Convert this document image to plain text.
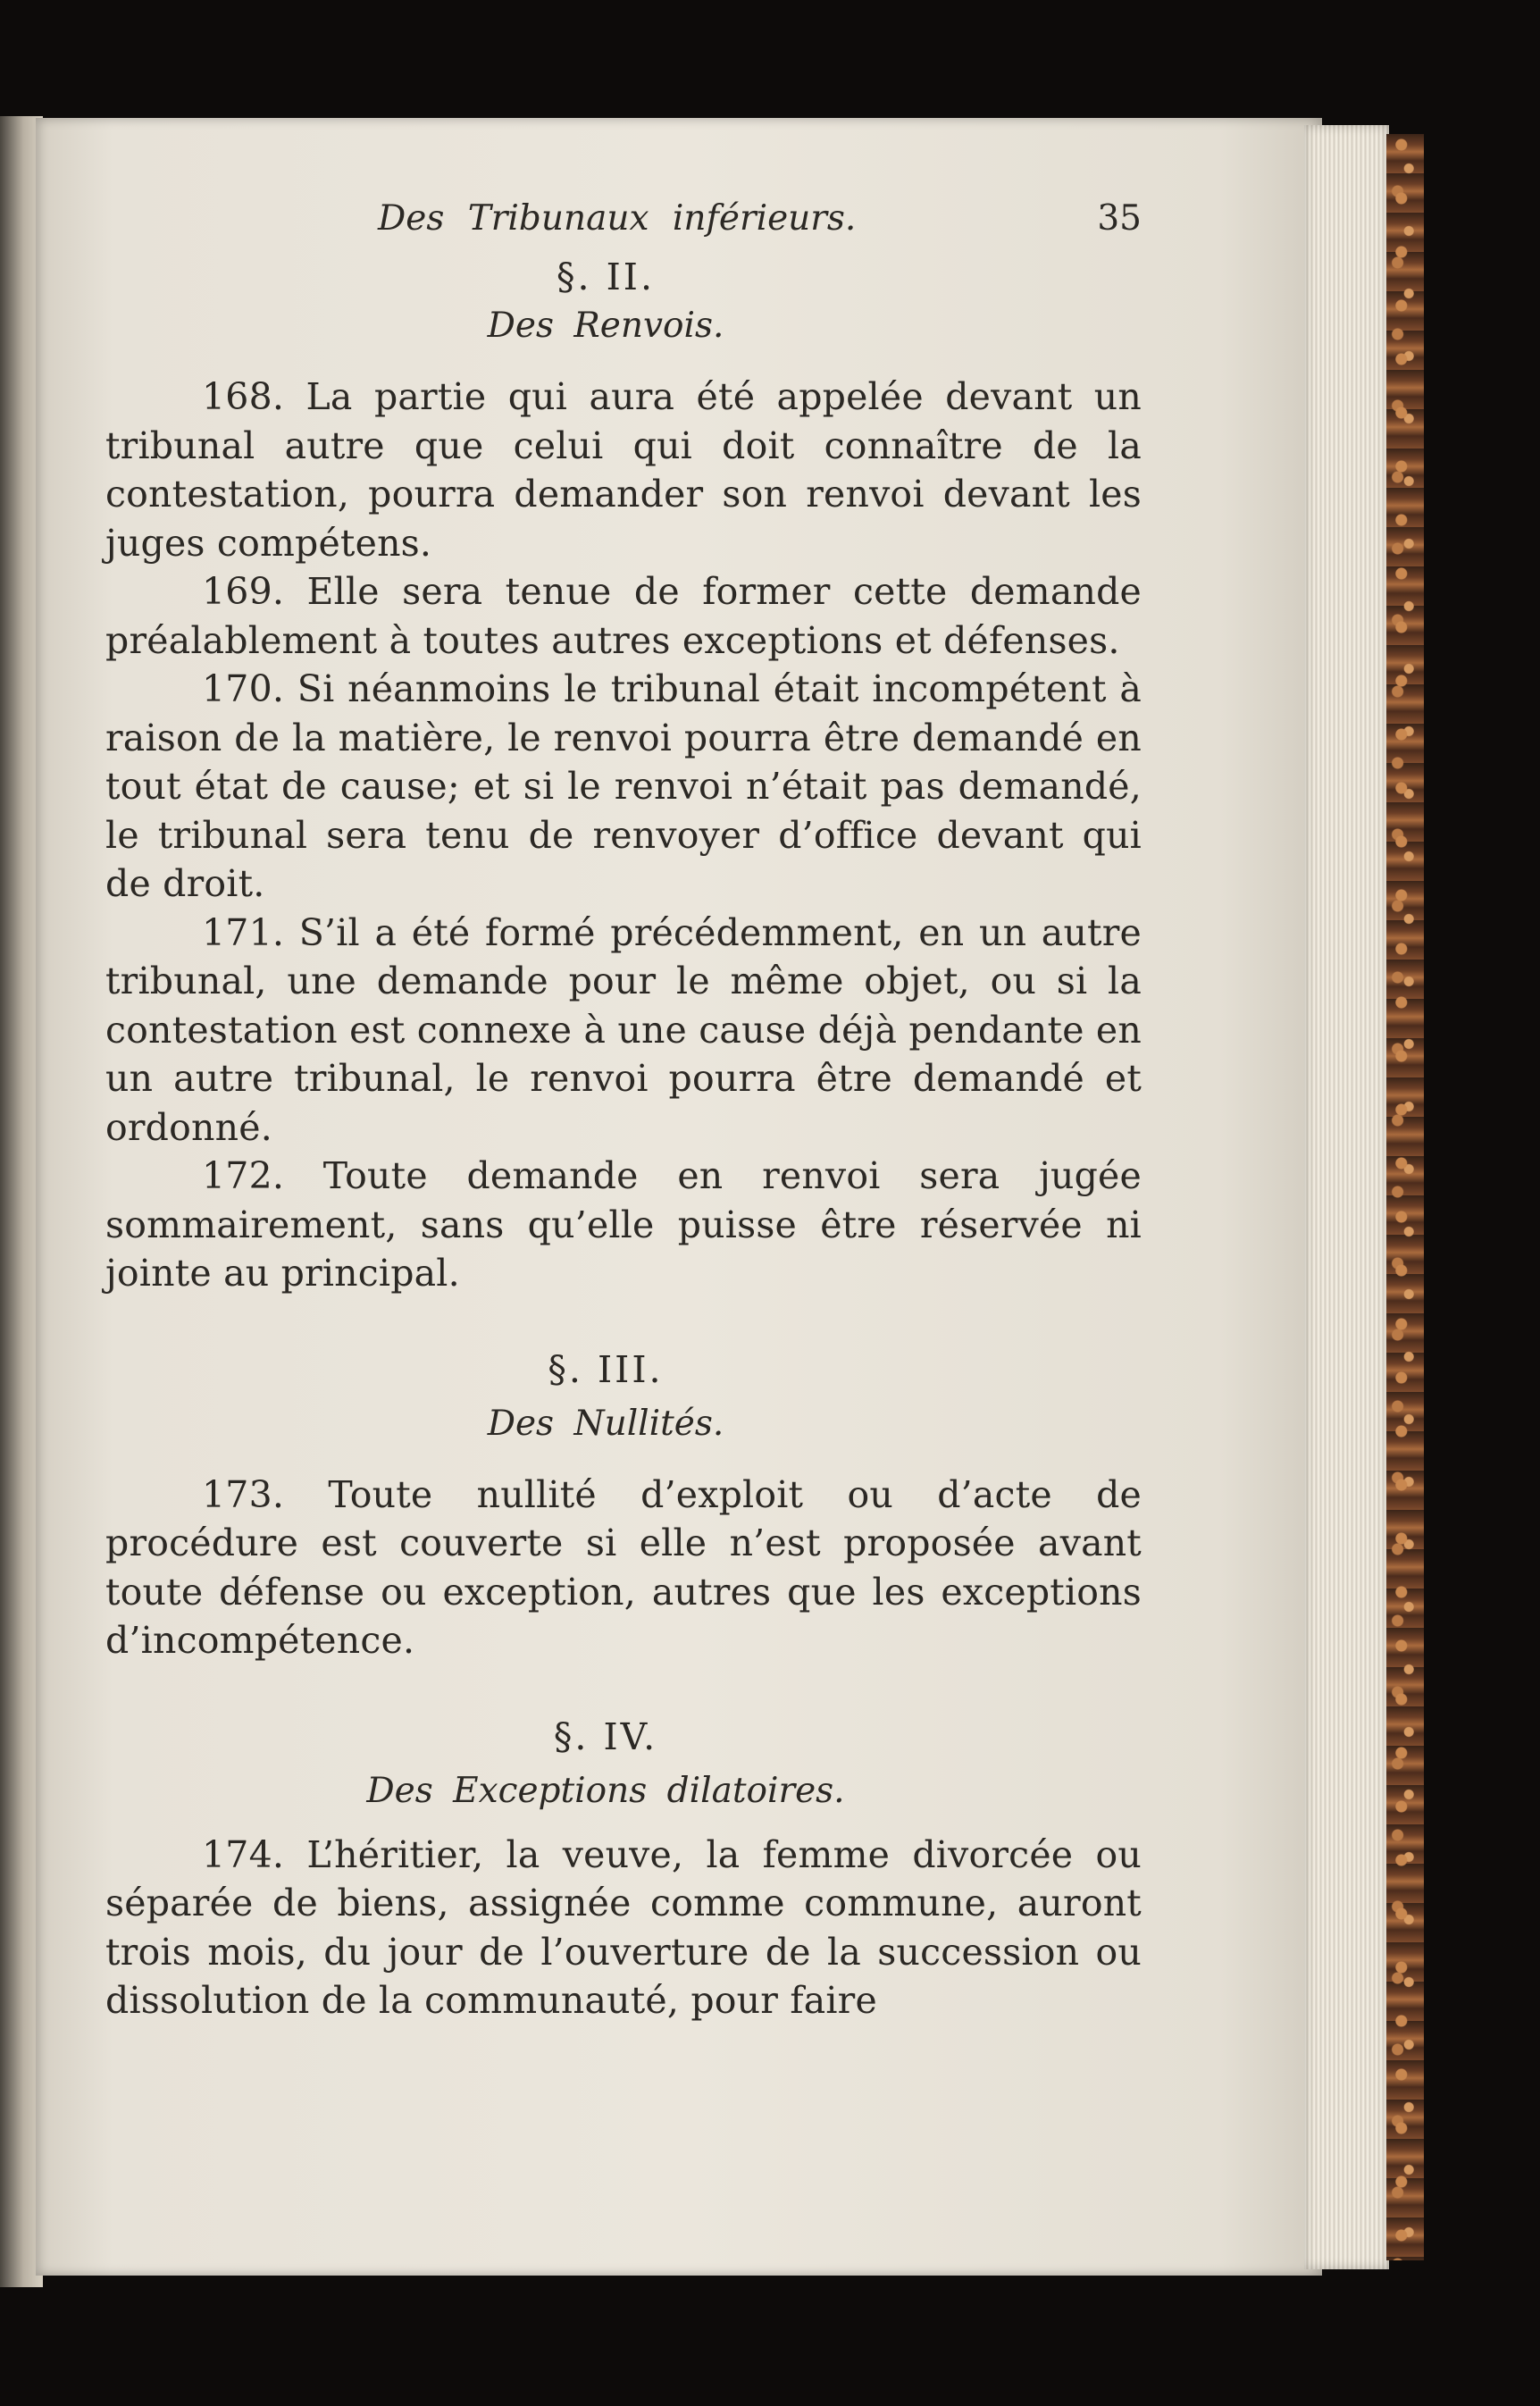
Des Tribunaux inférieurs.	35
§. II.
Des Renvois.

168. La partie qui aura été appelée devant un tribunal autre que celui qui doit connaître de la contestation, pourra demander son renvoi devant les juges compétens.

169. Elle sera tenue de former cette demande préalablement à toutes autres exceptions et défenses.

170. Si néanmoins le tribunal était incompétent à raison de la matière, le renvoi pourra être demandé en tout état de cause; et si le renvoi n’était pas demandé, le tribunal sera tenu de renvoyer d’office devant qui de droit.

171. S’il a été formé précédemment, en un autre tribunal, une demande pour le même objet, ou si la contestation est connexe à une cause déjà pendante en un autre tribunal, le renvoi pourra être demandé et ordonné.

172. Toute demande en renvoi sera jugée sommairement, sans qu’elle puisse être réservée ni jointe au principal.

§. III.
Des Nullités.

173. Toute nullité d’exploit ou d’acte de procédure est couverte si elle n’est proposée avant toute défense ou exception, autres que les exceptions d’incompétence.

§. IV.
Des Exceptions dilatoires.

174. L’héritier, la veuve, la femme divorcée ou séparée de biens, assignée comme commune, auront trois mois, du jour de l’ouverture de la succession ou dissolution de la communauté, pour faire
